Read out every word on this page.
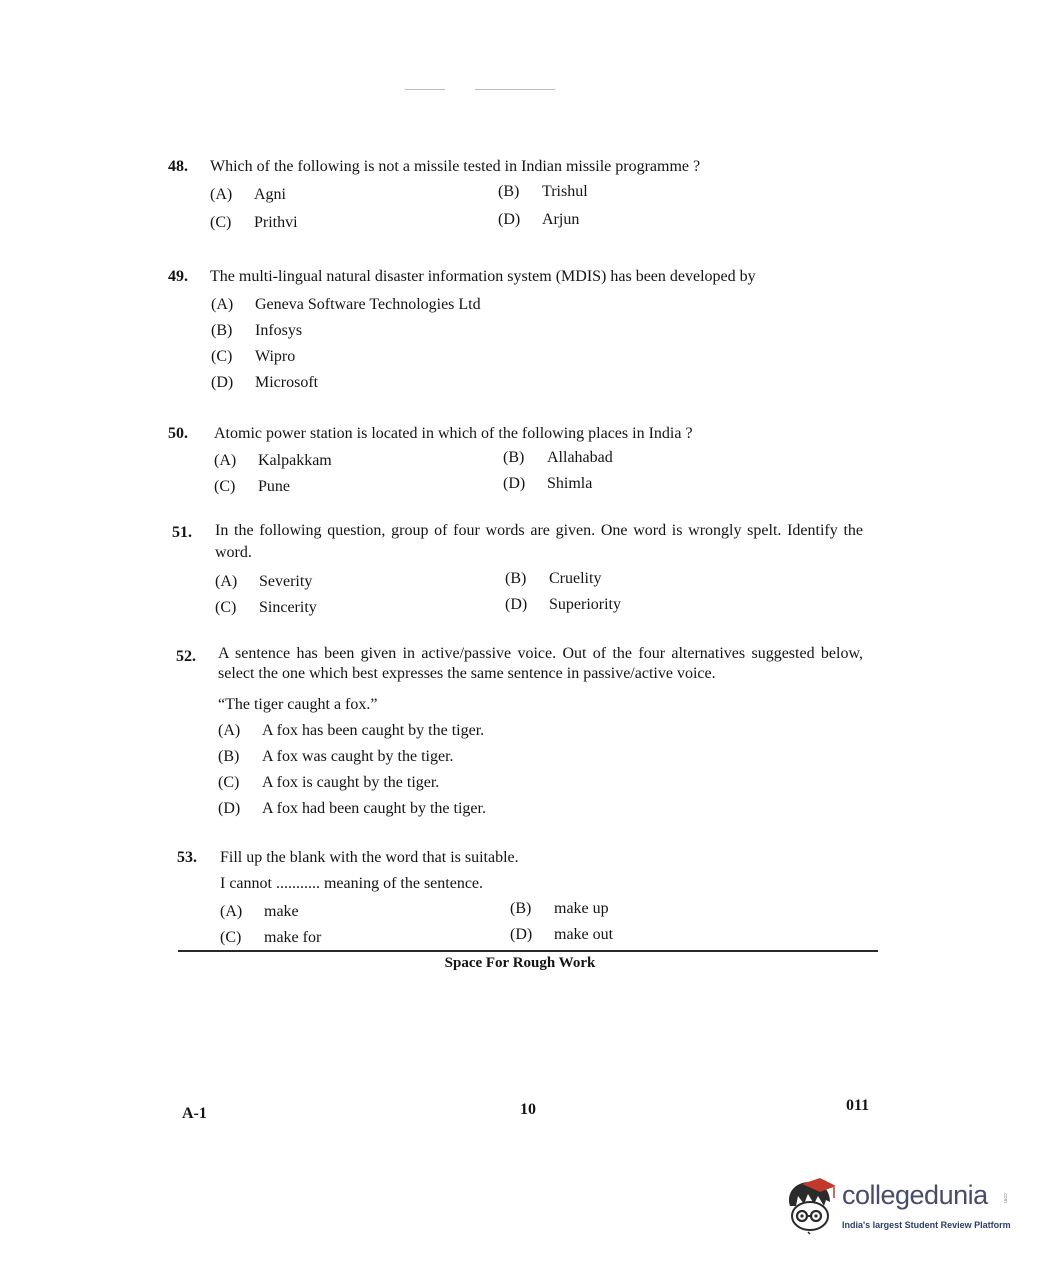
48. Which of the following is not a missile tested in Indian missile programme ?
(A) Agni	(B) Trishul
(C) Prithvi	(D) Arjun
49. The multi-lingual natural disaster information system (MDIS) has been developed by
(A) Geneva Software Technologies Ltd
(B) Infosys
(C) Wipro
(D) Microsoft
50. Atomic power station is located in which of the following places in India ?
(A) Kalpakkam	(B) Allahabad
(C) Pune	(D) Shimla
51. In the following question, group of four words are given. One word is wrongly spelt. Identify the word.
(A) Severity	(B) Cruelity
(C) Sincerity	(D) Superiority
52. A sentence has been given in active/passive voice. Out of the four alternatives suggested below, select the one which best expresses the same sentence in passive/active voice.
“The tiger caught a fox.”
(A) A fox has been caught by the tiger.
(B) A fox was caught by the tiger.
(C) A fox is caught by the tiger.
(D) A fox had been caught by the tiger.
53. Fill up the blank with the word that is suitable.
I cannot ........... meaning of the sentence.
(A) make	(B) make up
(C) make for	(D) make out
Space For Rough Work
A-1	10	011
collegedunia	.com
India's largest Student Review Platform
